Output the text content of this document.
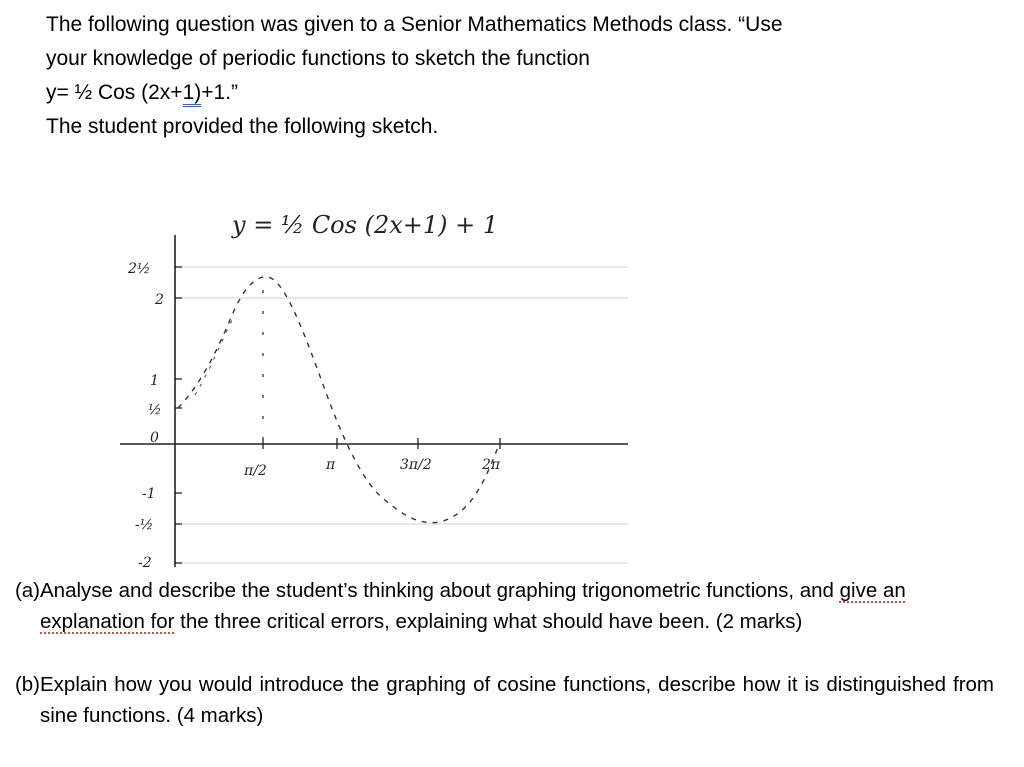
The following question was given to a Senior Mathematics Methods class. “Use

your knowledge of periodic functions to sketch the function

y= ½ Cos (2x+1)+1.”

The student provided the following sketch.

y = ½ Cos (2x+1) + 1
2½
2
1
½
0
-1
-½
-2
π/2	π	3π/2	2π
(a) Analyse and describe the student’s thinking about graphing trigonometric functions, and give an explanation for the three critical errors, explaining what should have been. (2 marks)
(b) Explain how you would introduce the graphing of cosine functions, describe how it is distinguished from sine functions. (4 marks)
